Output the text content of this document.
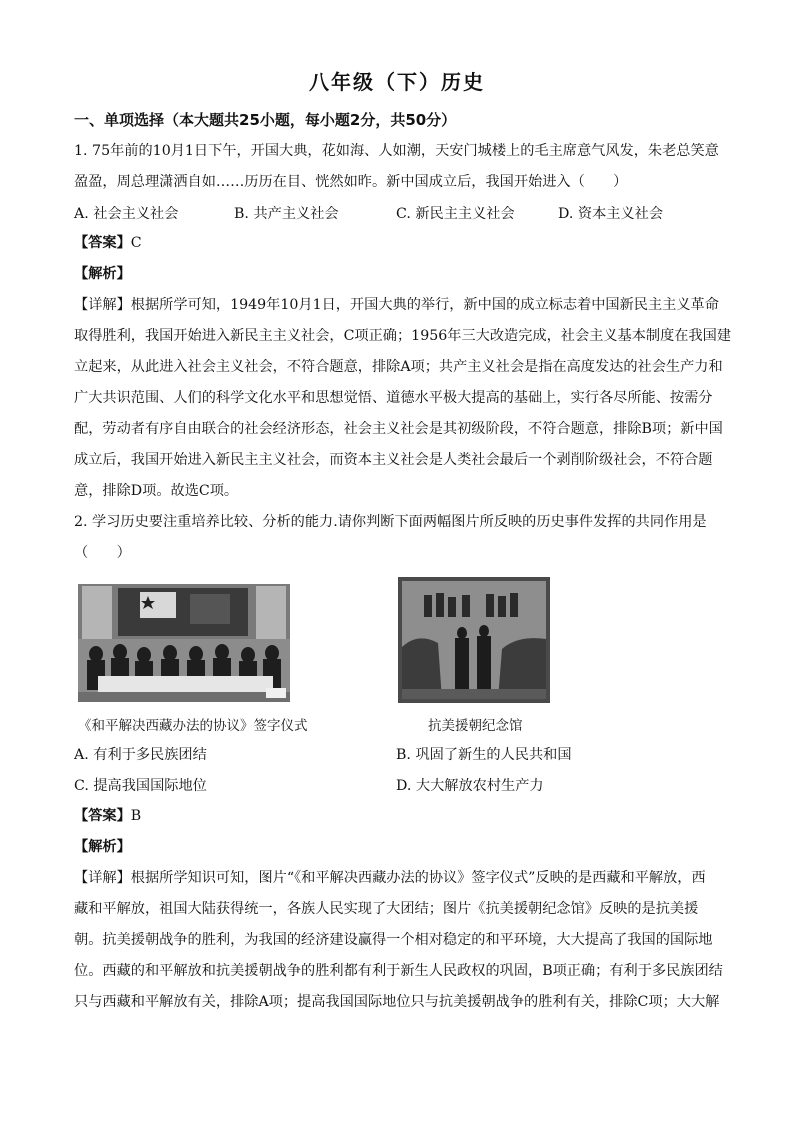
八年级（下）历史
一、单项选择（本大题共25小题，每小题2分，共50分）
1. 75年前的10月1日下午，开国大典，花如海、人如潮，天安门城楼上的毛主席意气风发，朱老总笑意
盈盈，周总理潇洒自如……历历在目、恍然如昨。新中国成立后，我国开始进入（　　）
A. 社会主义社会	B. 共产主义社会	C. 新民主主义社会	D. 资本主义社会
【答案】C
【解析】
【详解】根据所学可知，1949年10月1日，开国大典的举行，新中国的成立标志着中国新民主主义革命
取得胜利，我国开始进入新民主主义社会，C项正确；1956年三大改造完成，社会主义基本制度在我国建
立起来，从此进入社会主义社会，不符合题意，排除A项；共产主义社会是指在高度发达的社会生产力和
广大共识范围、人们的科学文化水平和思想觉悟、道德水平极大提高的基础上，实行各尽所能、按需分
配，劳动者有序自由联合的社会经济形态，社会主义社会是其初级阶段，不符合题意，排除B项；新中国
成立后，我国开始进入新民主主义社会，而资本主义社会是人类社会最后一个剥削阶级社会，不符合题
意，排除D项。故选C项。
2. 学习历史要注重培养比较、分析的能力.请你判断下面两幅图片所反映的历史事件发挥的共同作用是
（　　）
《和平解决西藏办法的协议》签字仪式	抗美援朝纪念馆
A. 有利于多民族团结	B. 巩固了新生的人民共和国
C. 提高我国国际地位	D. 大大解放农村生产力
【答案】B
【解析】
【详解】根据所学知识可知，图片“《和平解决西藏办法的协议》签字仪式”反映的是西藏和平解放，西
藏和平解放，祖国大陆获得统一，各族人民实现了大团结；图片《抗美援朝纪念馆》反映的是抗美援
朝。抗美援朝战争的胜利，为我国的经济建设赢得一个相对稳定的和平环境，大大提高了我国的国际地
位。西藏的和平解放和抗美援朝战争的胜利都有利于新生人民政权的巩固，B项正确；有利于多民族团结
只与西藏和平解放有关，排除A项；提高我国国际地位只与抗美援朝战争的胜利有关，排除C项；大大解
